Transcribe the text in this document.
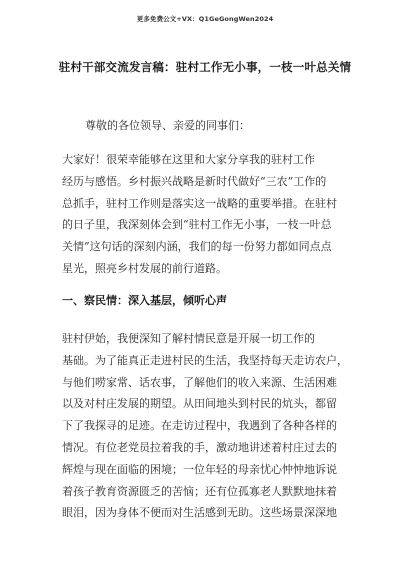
更多免费公文+VX：Q1GeGongWen2024
驻村干部交流发言稿：驻村工作无小事，一枝一叶总关情
尊敬的各位领导、亲爱的同事们：
大家好！很荣幸能够在这里和大家分享我的驻村工作
经历与感悟。乡村振兴战略是新时代做好“三农”工作的
总抓手，驻村工作则是落实这一战略的重要举措。在驻村
的日子里，我深刻体会到“驻村工作无小事，一枝一叶总
关情”这句话的深刻内涵，我们的每一份努力都如同点点
星光，照亮乡村发展的前行道路。
一、察民情：深入基层，倾听心声
驻村伊始，我便深知了解村情民意是开展一切工作的
基础。为了能真正走进村民的生活，我坚持每天走访农户，
与他们唠家常、话农事，了解他们的收入来源、生活困难
以及对村庄发展的期望。从田间地头到村民的炕头，都留
下了我探寻的足迹。在走访过程中，我遇到了各种各样的
情况。有位老党员拉着我的手，激动地讲述着村庄过去的
辉煌与现在面临的困境；一位年轻的母亲忧心忡忡地诉说
着孩子教育资源匮乏的苦恼；还有位孤寡老人默默地抹着
眼泪，因为身体不便而对生活感到无助。这些场景深深地
